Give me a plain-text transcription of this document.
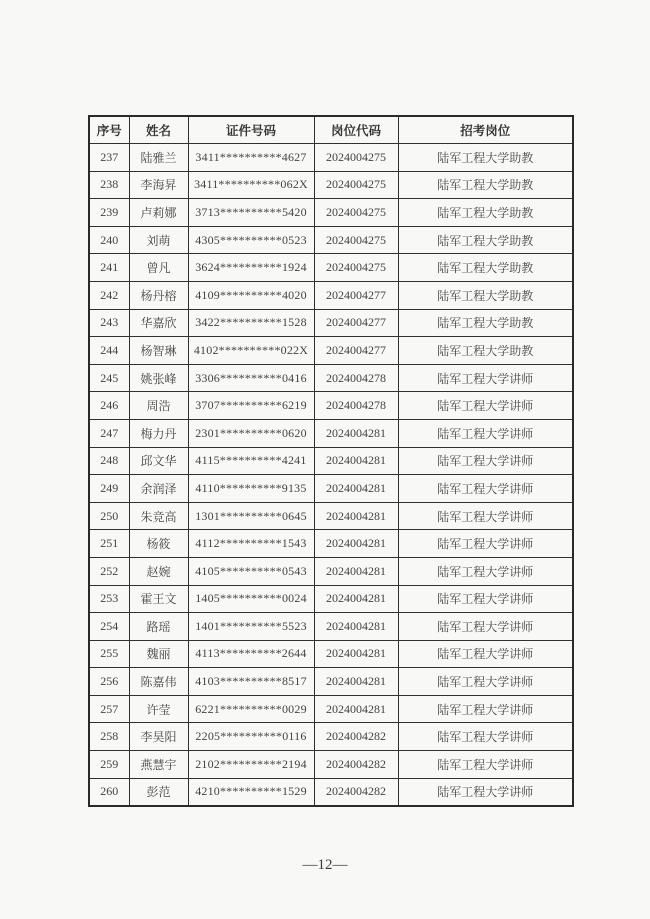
序号	姓名	证件号码	岗位代码	招考岗位
237	陆雅兰	3411**********4627	2024004275	陆军工程大学助教
238	李海昇	3411**********062X	2024004275	陆军工程大学助教
239	卢莉娜	3713**********5420	2024004275	陆军工程大学助教
240	刘萌	4305**********0523	2024004275	陆军工程大学助教
241	曾凡	3624**********1924	2024004275	陆军工程大学助教
242	杨丹榕	4109**********4020	2024004277	陆军工程大学助教
243	华嘉欣	3422**********1528	2024004277	陆军工程大学助教
244	杨智琳	4102**********022X	2024004277	陆军工程大学助教
245	姚张峰	3306**********0416	2024004278	陆军工程大学讲师
246	周浩	3707**********6219	2024004278	陆军工程大学讲师
247	梅力丹	2301**********0620	2024004281	陆军工程大学讲师
248	邱文华	4115**********4241	2024004281	陆军工程大学讲师
249	余润泽	4110**********9135	2024004281	陆军工程大学讲师
250	朱竞高	1301**********0645	2024004281	陆军工程大学讲师
251	杨筱	4112**********1543	2024004281	陆军工程大学讲师
252	赵婉	4105**********0543	2024004281	陆军工程大学讲师
253	霍王文	1405**********0024	2024004281	陆军工程大学讲师
254	路瑶	1401**********5523	2024004281	陆军工程大学讲师
255	魏丽	4113**********2644	2024004281	陆军工程大学讲师
256	陈嘉伟	4103**********8517	2024004281	陆军工程大学讲师
257	许莹	6221**********0029	2024004281	陆军工程大学讲师
258	李昊阳	2205**********0116	2024004282	陆军工程大学讲师
259	燕慧宇	2102**********2194	2024004282	陆军工程大学讲师
260	彭范	4210**********1529	2024004282	陆军工程大学讲师
—12—
